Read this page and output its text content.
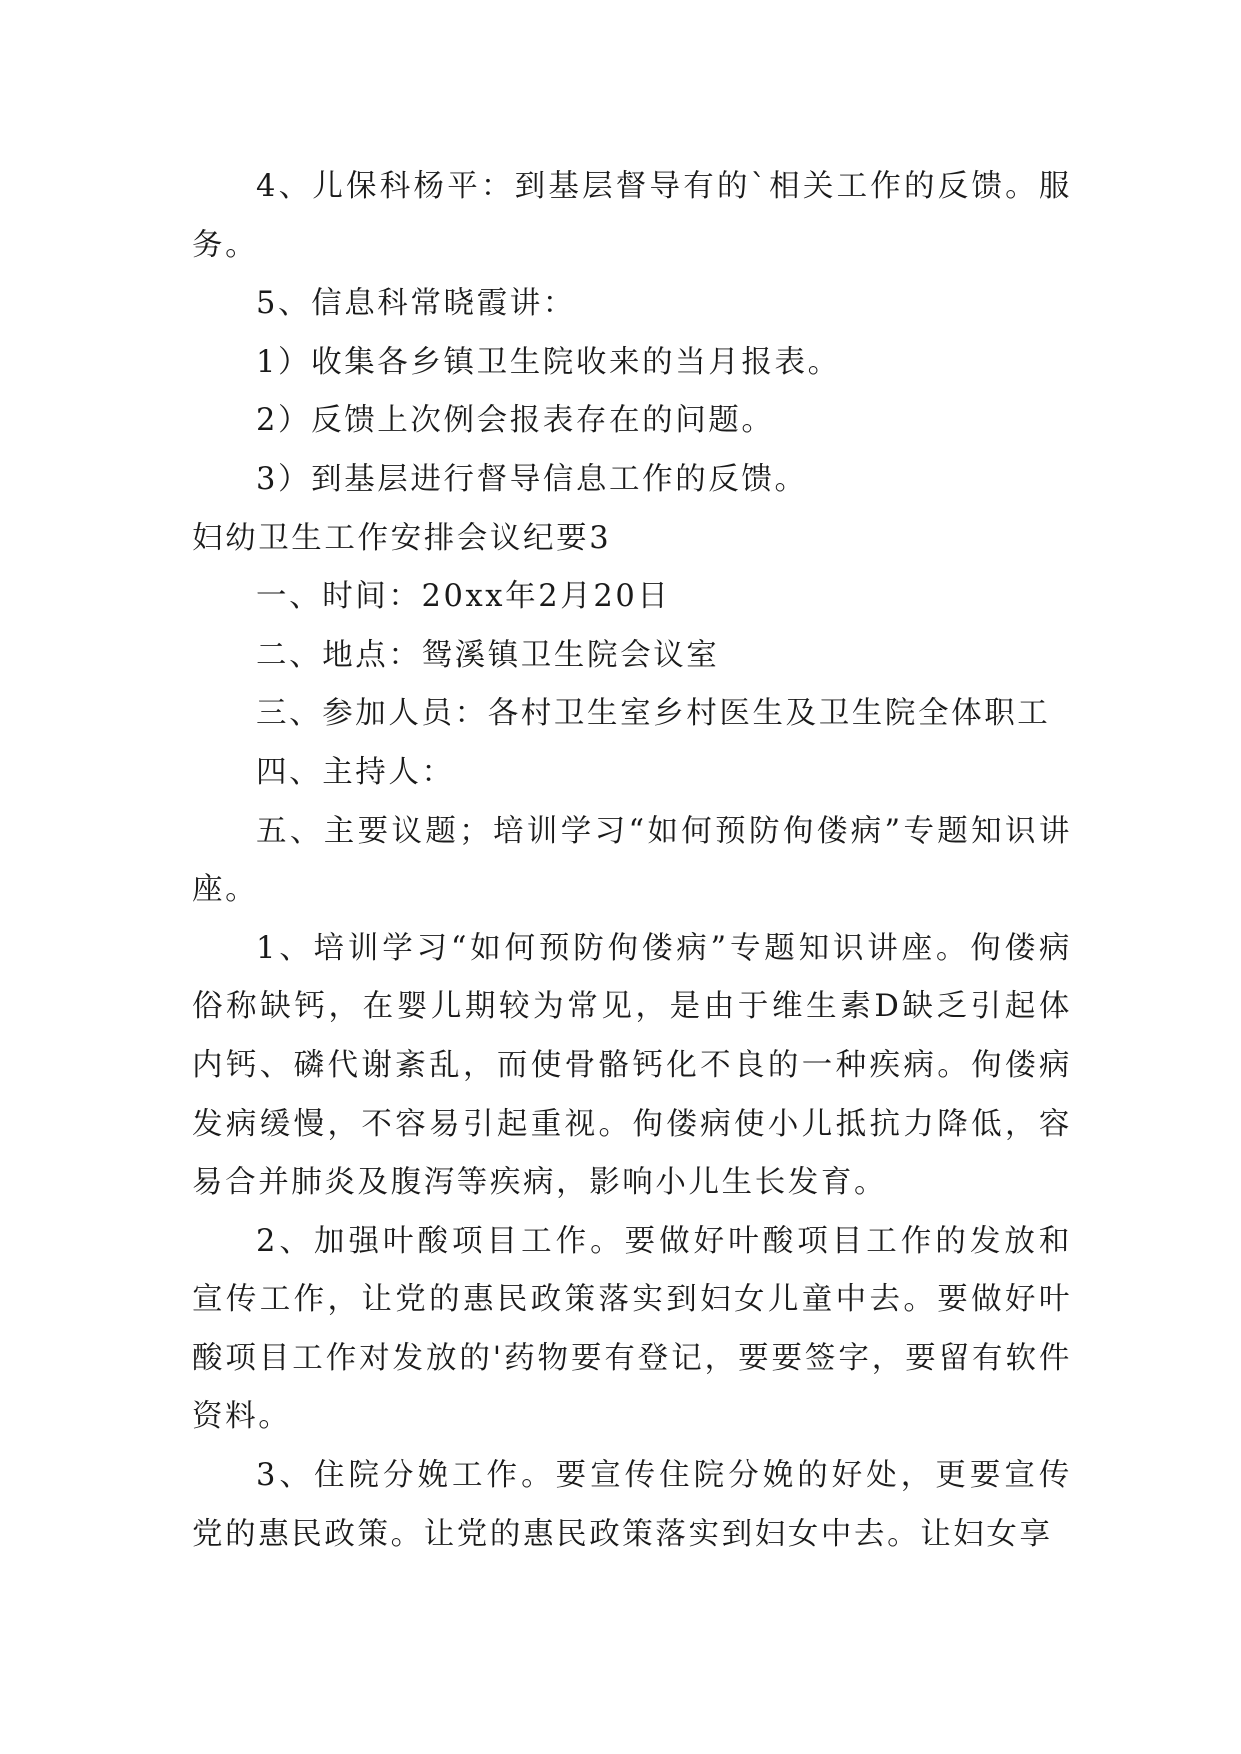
4、儿保科杨平：到基层督导有的`相关工作的反馈。服务。

5、信息科常晓霞讲：

1）收集各乡镇卫生院收来的当月报表。

2）反馈上次例会报表存在的问题。

3）到基层进行督导信息工作的反馈。

妇幼卫生工作安排会议纪要3

一、时间：20xx年2月20日

二、地点：鸳溪镇卫生院会议室

三、参加人员：各村卫生室乡村医生及卫生院全体职工

四、主持人：

五、主要议题；培训学习“如何预防佝偻病”专题知识讲座。

1、培训学习“如何预防佝偻病”专题知识讲座。佝偻病俗称缺钙，在婴儿期较为常见，是由于维生素D缺乏引起体内钙、磷代谢紊乱，而使骨骼钙化不良的一种疾病。佝偻病发病缓慢，不容易引起重视。佝偻病使小儿抵抗力降低，容易合并肺炎及腹泻等疾病，影响小儿生长发育。

2、加强叶酸项目工作。要做好叶酸项目工作的发放和宣传工作，让党的惠民政策落实到妇女儿童中去。要做好叶酸项目工作对发放的'药物要有登记，要要签字，要留有软件资料。

3、住院分娩工作。要宣传住院分娩的好处，更要宣传党的惠民政策。让党的惠民政策落实到妇女中去。让妇女享
